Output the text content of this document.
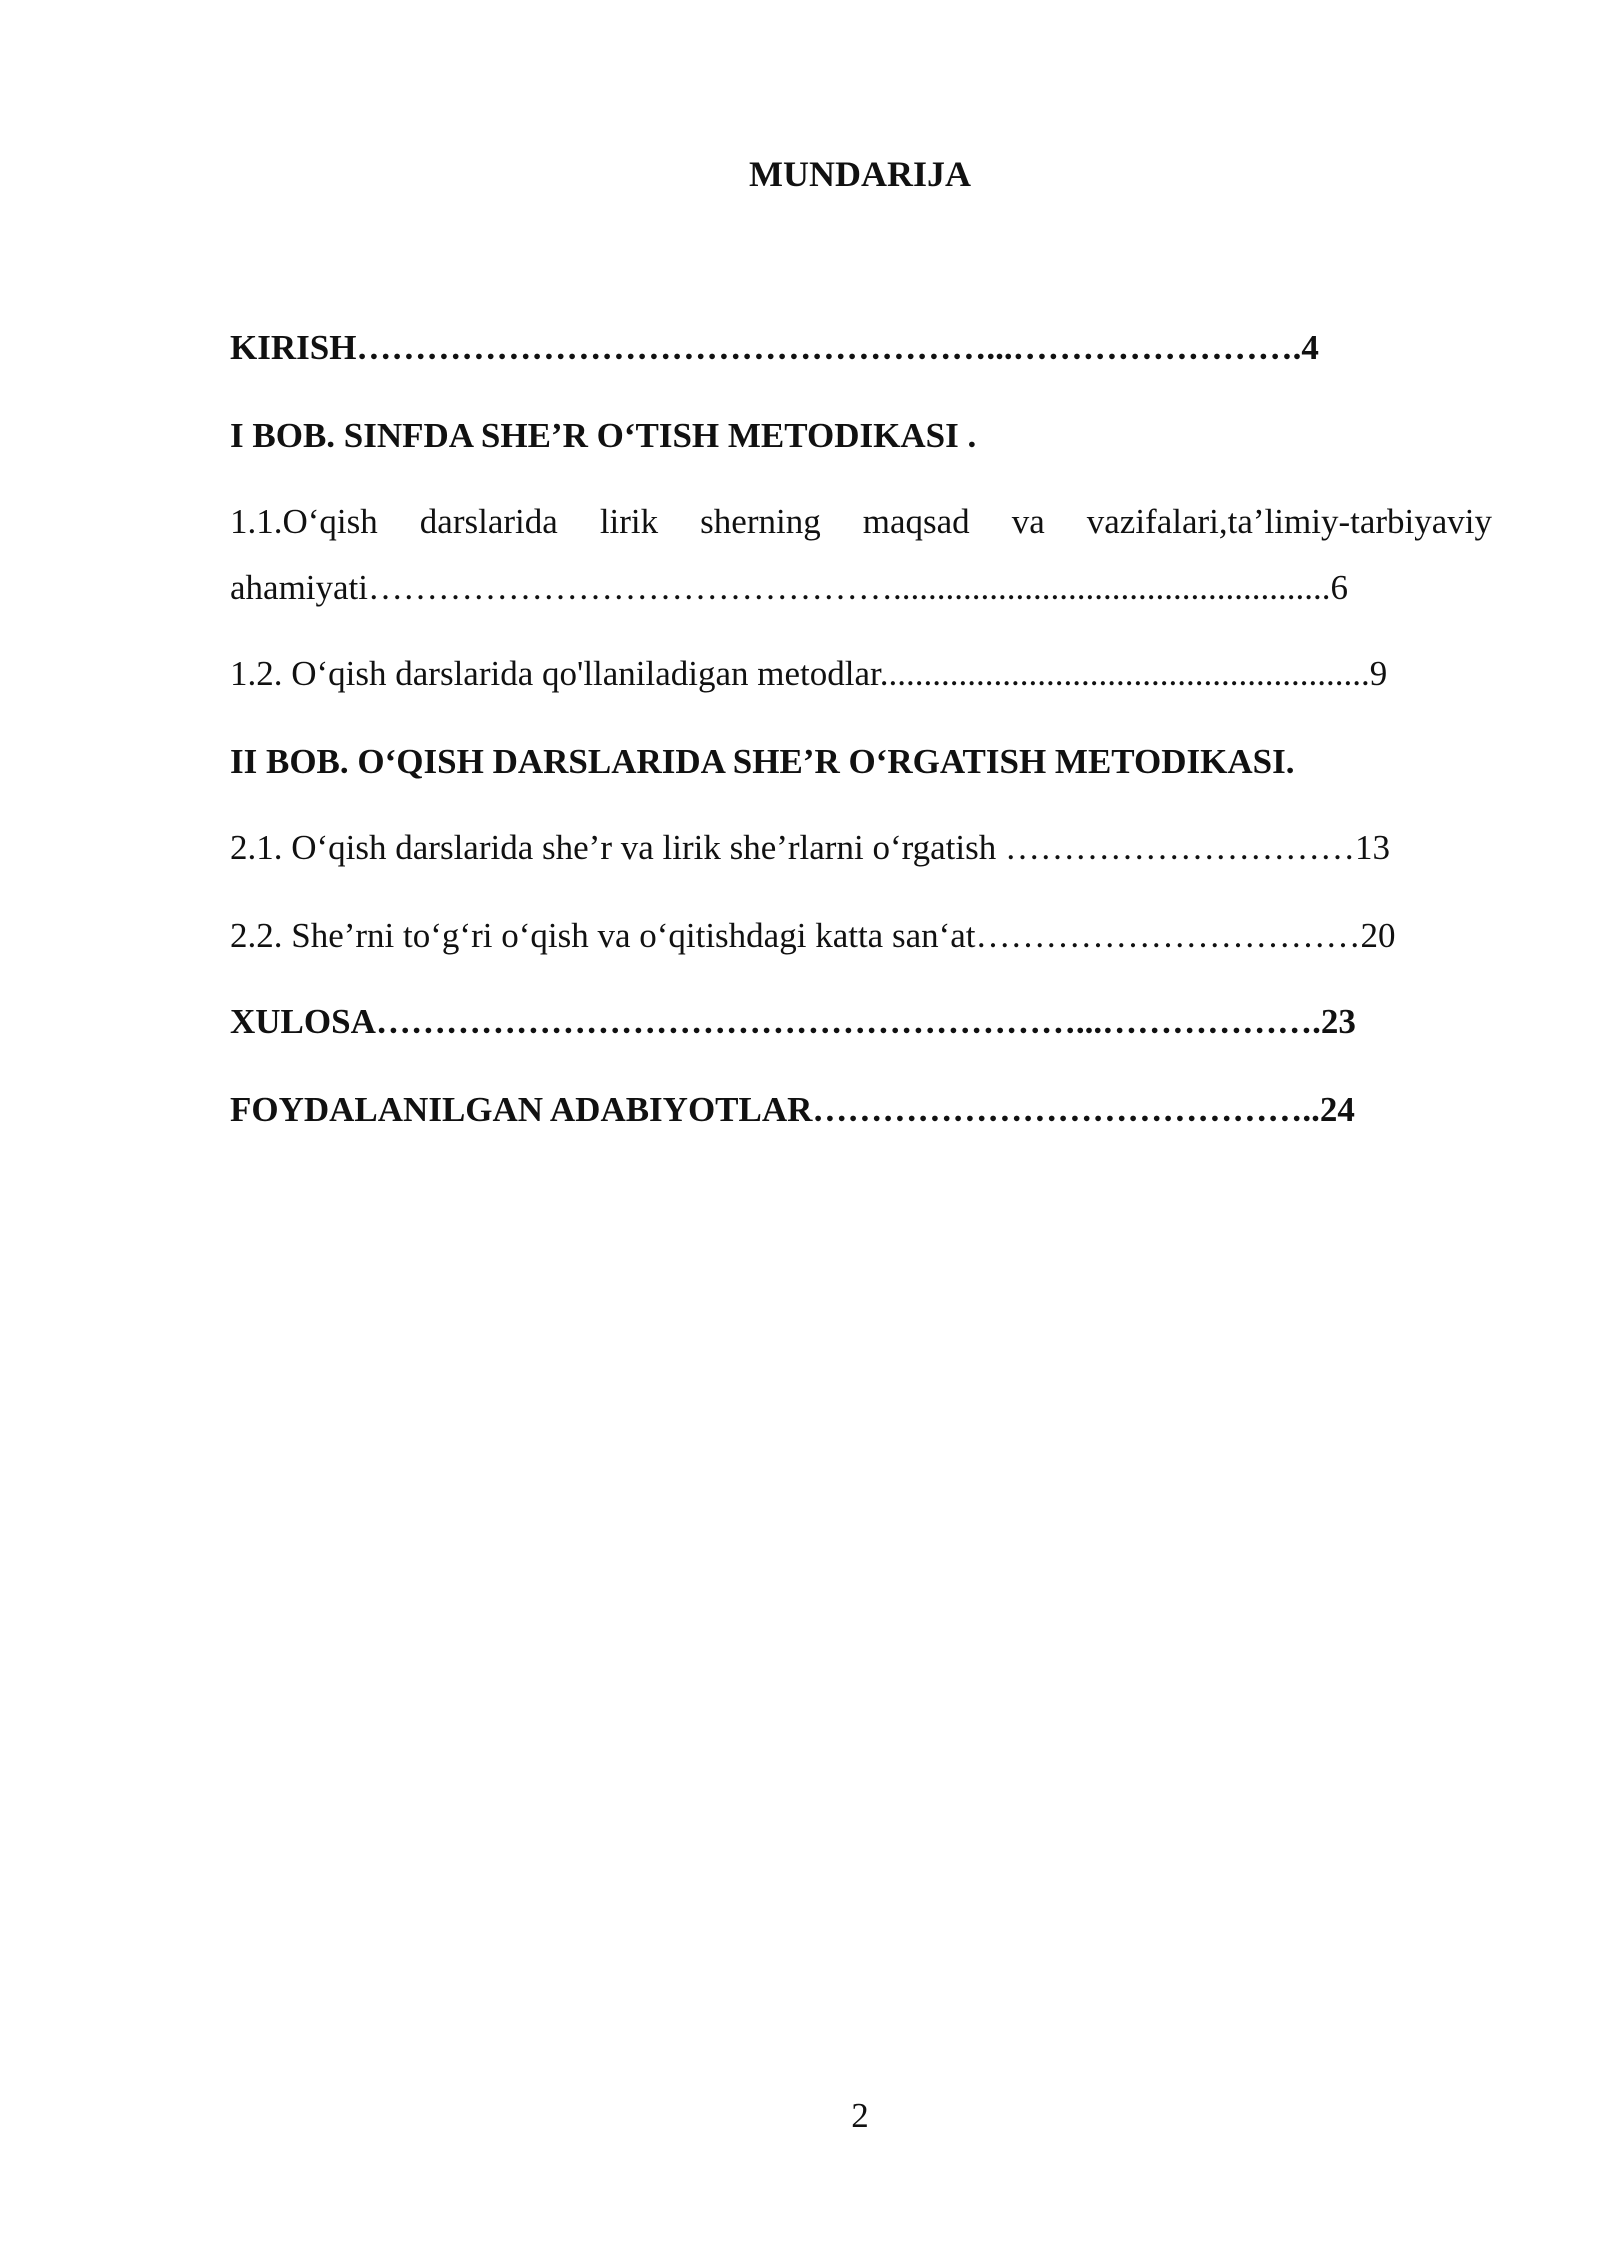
MUNDARIJA
KIRISH………………………………………………...…………………….4
I BOB. SINFDA SHE’R O‘TISH METODIKASI .
1.1.O‘qish darslarida lirik sherning maqsad va vazifalari,ta’limiy-tarbiyaviy
ahamiyati………………………………………..................................................6
1.2. O‘qish darslarida qo'llaniladigan metodlar........................................................9
II BOB. O‘QISH DARSLARIDA SHE’R O‘RGATISH METODIKASI.
2.1. O‘qish darslarida she’r va lirik she’rlarni o‘rgatish …………………………13
2.2. She’rni to‘g‘ri o‘qish va o‘qitishdagi katta san‘at……………………………20
XULOSA……………………………………………………...……………….23
FOYDALANILGAN ADABIYOTLAR……………………………………..24
2
